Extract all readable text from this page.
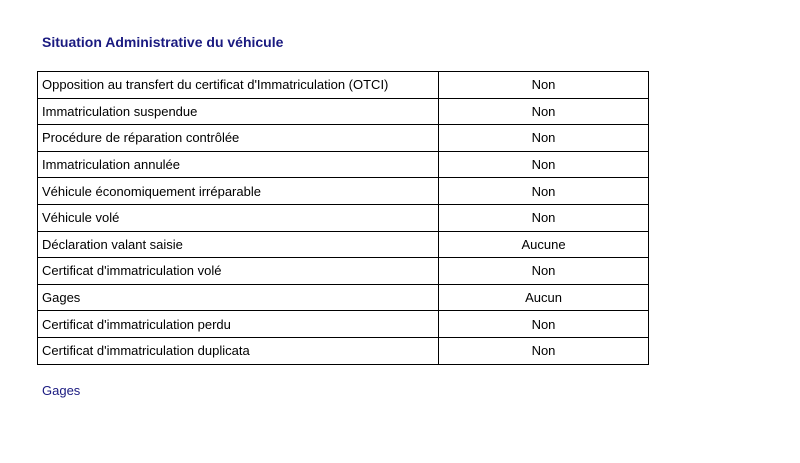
Situation Administrative du véhicule
Opposition au transfert du certificat d'Immatriculation (OTCI)	Non
Immatriculation suspendue	Non
Procédure de réparation contrôlée	Non
Immatriculation annulée	Non
Véhicule économiquement irréparable	Non
Véhicule volé	Non
Déclaration valant saisie	Aucune
Certificat d'immatriculation volé	Non
Gages	Aucun
Certificat d'immatriculation perdu	Non
Certificat d'immatriculation duplicata	Non
Gages
